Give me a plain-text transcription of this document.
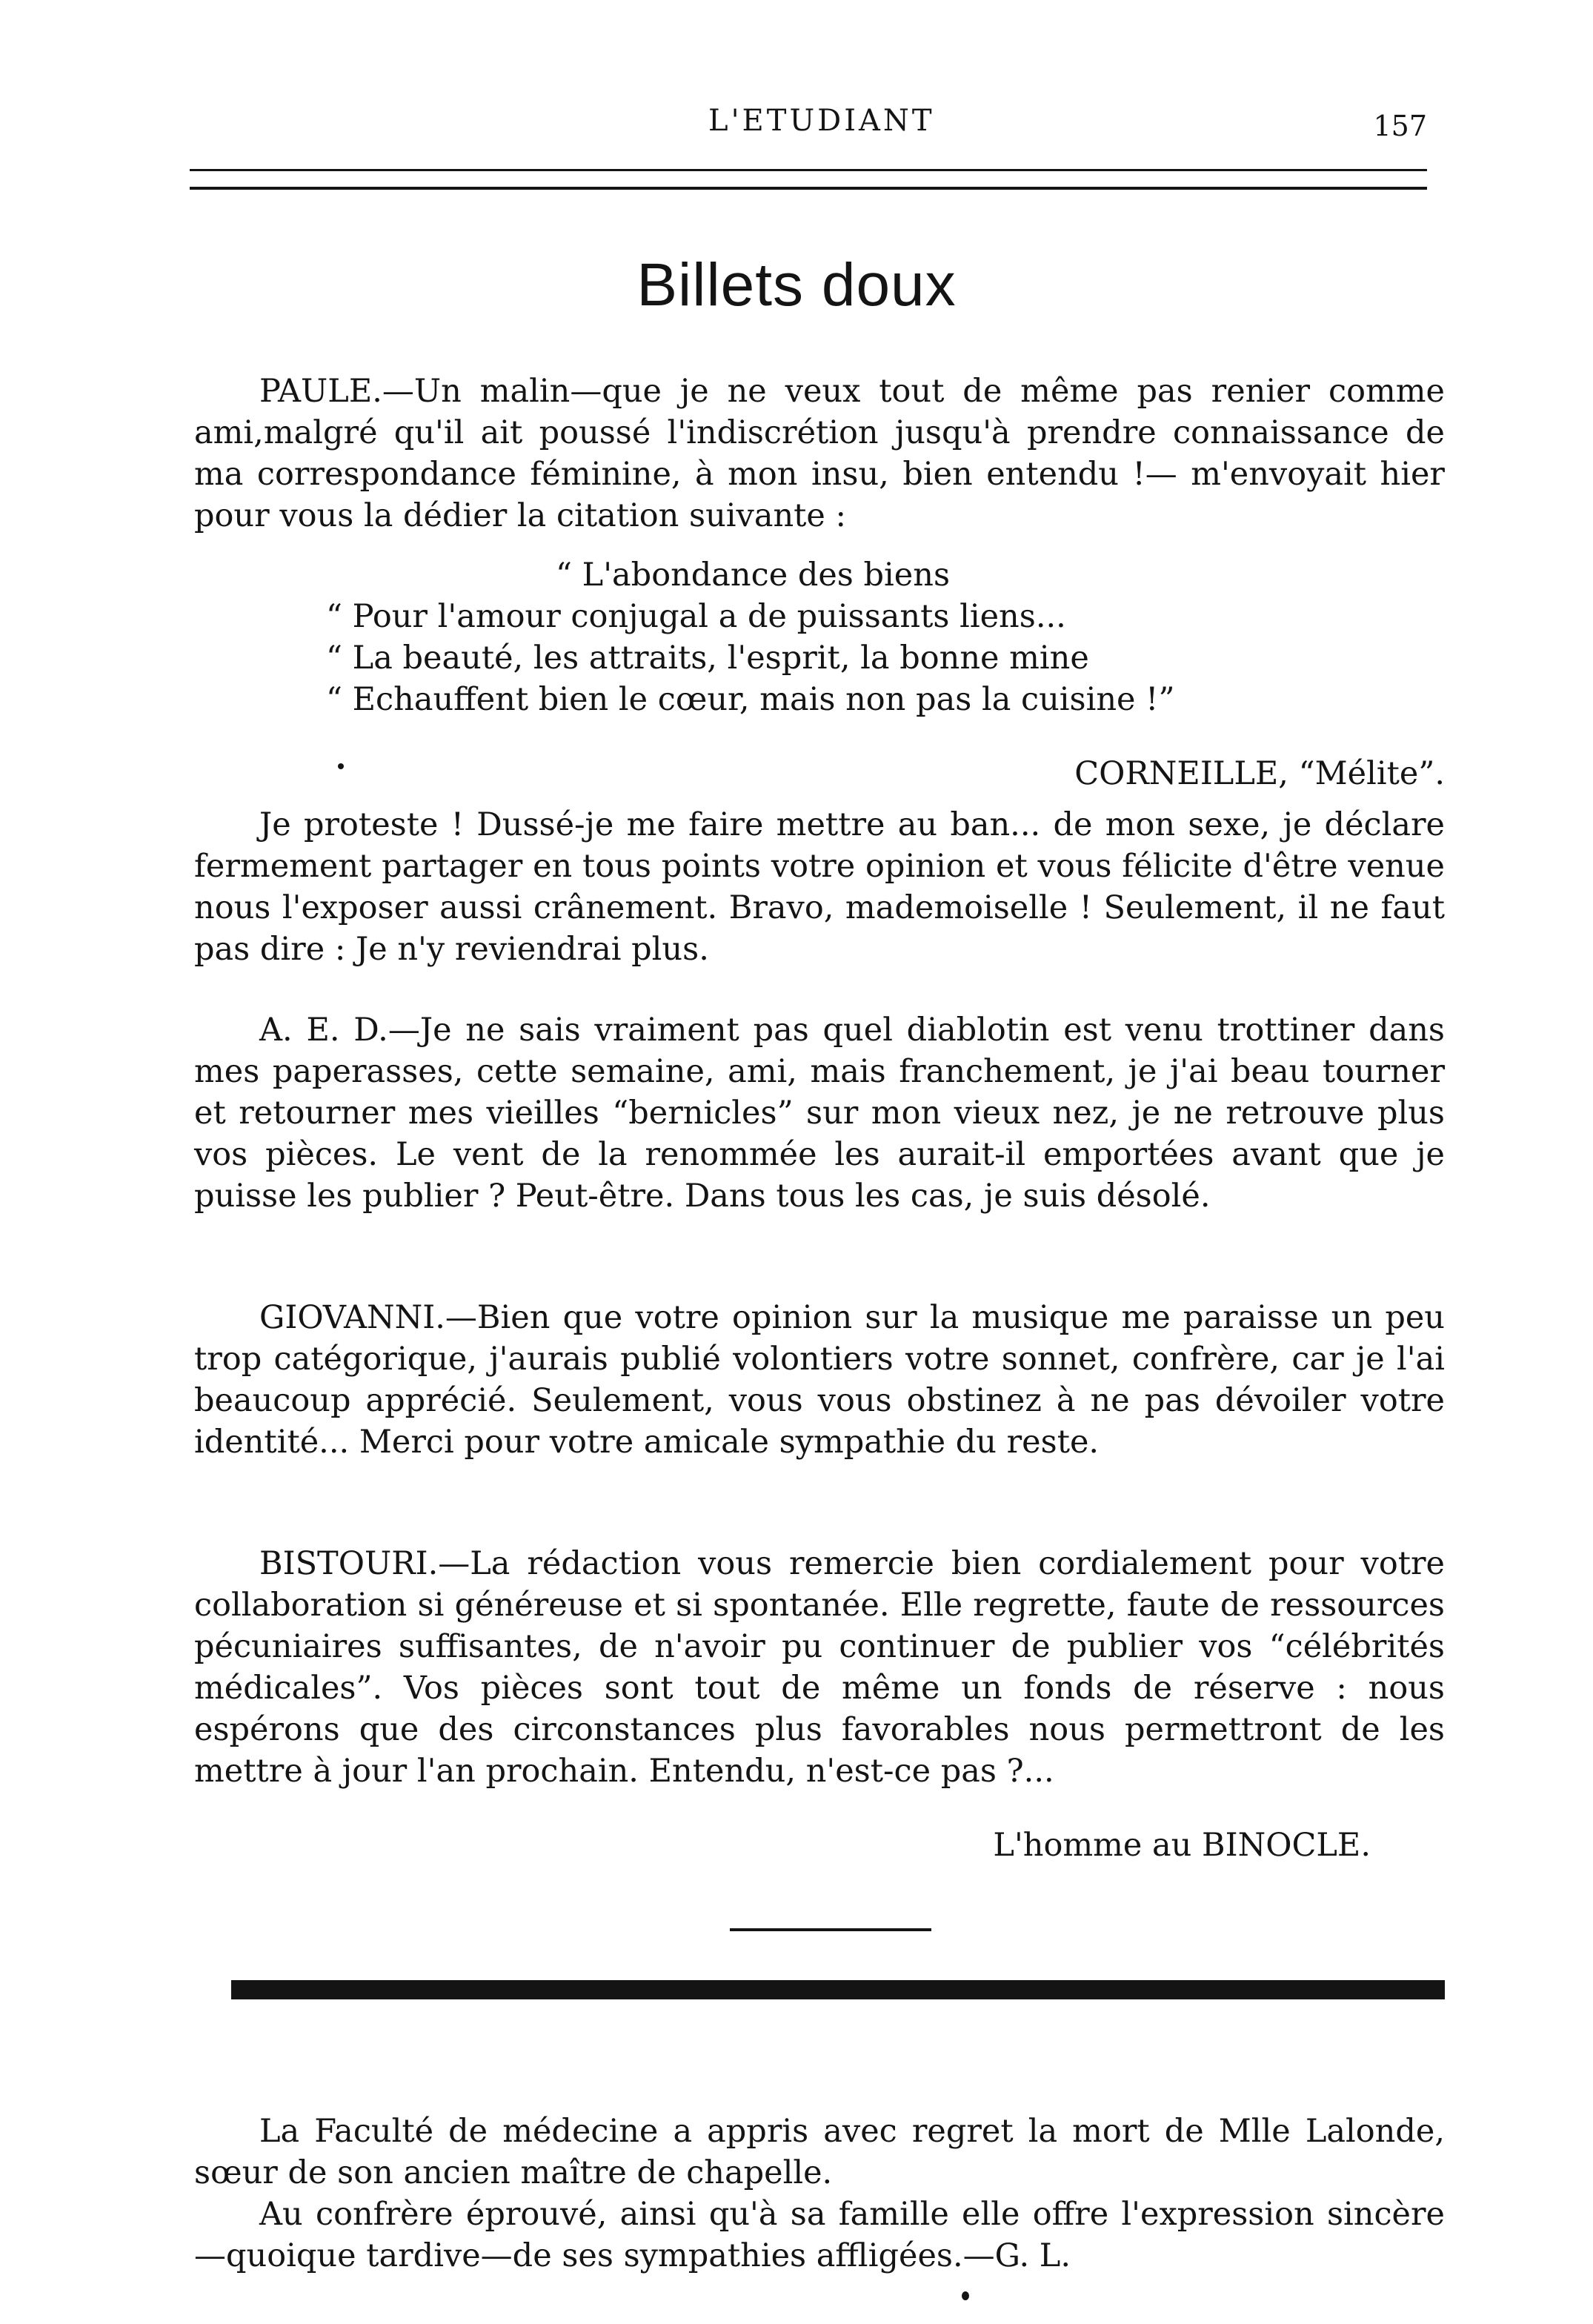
L'ETUDIANT	157
Billets doux

PAULE.—Un malin—que je ne veux tout de même pas renier comme ami,malgré qu'il ait poussé l'indiscrétion jusqu'à prendre connaissance de ma correspondance féminine, à mon insu, bien entendu !— m'envoyait hier pour vous la dédier la citation suivante :

“ L'abondance des biens
“ Pour l'amour conjugal a de puissants liens...
“ La beauté, les attraits, l'esprit, la bonne mine
“ Echauffent bien le cœur, mais non pas la cuisine !”
CORNEILLE, “Mélite”.

Je proteste ! Dussé-je me faire mettre au ban... de mon sexe, je déclare fermement partager en tous points votre opinion et vous félicite d'être venue nous l'exposer aussi crânement. Bravo, mademoiselle ! Seulement, il ne faut pas dire : Je n'y reviendrai plus.

A. E. D.—Je ne sais vraiment pas quel diablotin est venu trottiner dans mes paperasses, cette semaine, ami, mais franchement, je j'ai beau tourner et retourner mes vieilles “bernicles” sur mon vieux nez, je ne retrouve plus vos pièces. Le vent de la renommée les aurait-il emportées avant que je puisse les publier ? Peut-être. Dans tous les cas, je suis désolé.

GIOVANNI.—Bien que votre opinion sur la musique me paraisse un peu trop catégorique, j'aurais publié volontiers votre sonnet, confrère, car je l'ai beaucoup apprécié. Seulement, vous vous obstinez à ne pas dévoiler votre identité... Merci pour votre amicale sympathie du reste.

BISTOURI.—La rédaction vous remercie bien cordialement pour votre collaboration si généreuse et si spontanée. Elle regrette, faute de ressources pécuniaires suffisantes, de n'avoir pu continuer de publier vos “célébrités médicales”. Vos pièces sont tout de même un fonds de réserve : nous espérons que des circonstances plus favorables nous permettront de les mettre à jour l'an prochain. Entendu, n'est-ce pas ?...

L'homme au BINOCLE.

La Faculté de médecine a appris avec regret la mort de Mlle Lalonde, sœur de son ancien maître de chapelle.

Au confrère éprouvé, ainsi qu'à sa famille elle offre l'expression sincère—quoique tardive—de ses sympathies affligées.—G. L.
